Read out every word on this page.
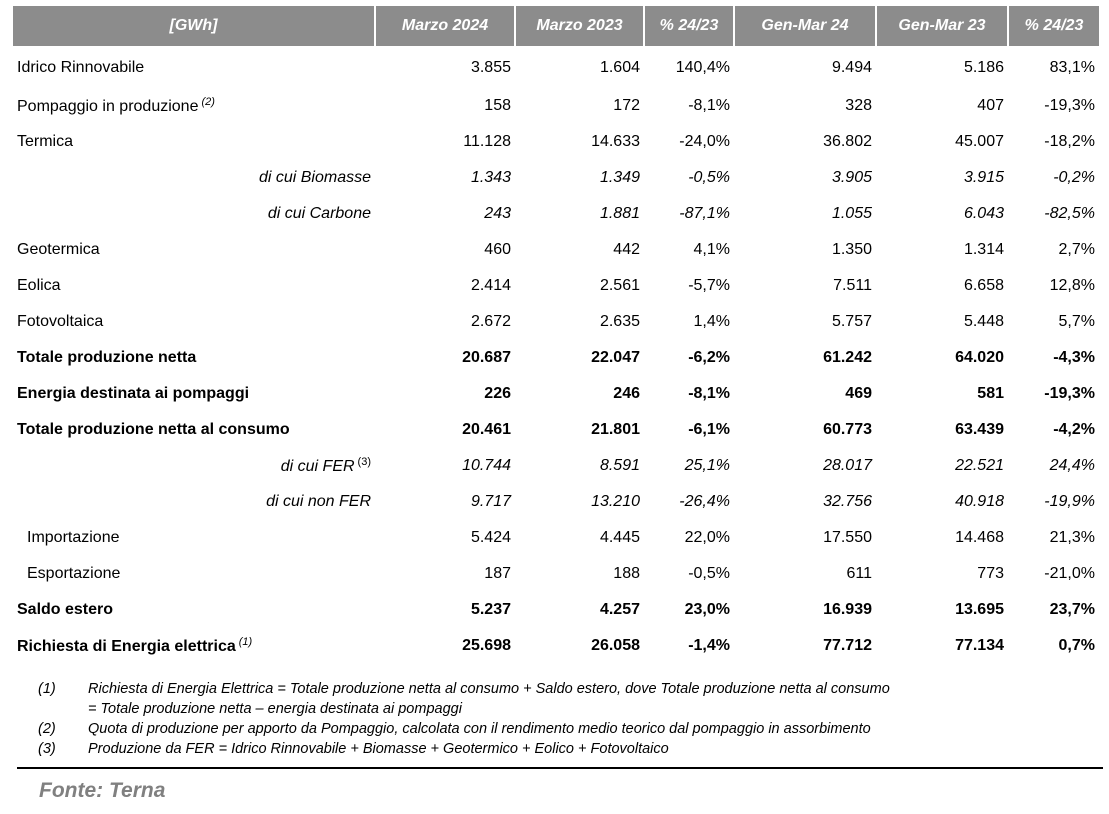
[GWh]	Marzo 2024	Marzo 2023	% 24/23	Gen-Mar 24	Gen-Mar 23	% 24/23
Idrico Rinnovabile	3.855	1.604	140,4%	9.494	5.186	83,1%
Pompaggio in produzione $^{(2)}$	158	172	-8,1%	328	407	-19,3%
Termica	11.128	14.633	-24,0%	36.802	45.007	-18,2%
di cui Biomasse	1.343	1.349	-0,5%	3.905	3.915	-0,2%
di cui Carbone	243	1.881	-87,1%	1.055	6.043	-82,5%
Geotermica	460	442	4,1%	1.350	1.314	2,7%
Eolica	2.414	2.561	-5,7%	7.511	6.658	12,8%
Fotovoltaica	2.672	2.635	1,4%	5.757	5.448	5,7%
Totale produzione netta	20.687	22.047	-6,2%	61.242	64.020	-4,3%
Energia destinata ai pompaggi	226	246	-8,1%	469	581	-19,3%
Totale produzione netta al consumo	20.461	21.801	-6,1%	60.773	63.439	-4,2%
di cui FER $^{(3)}$	10.744	8.591	25,1%	28.017	22.521	24,4%
di cui non FER	9.717	13.210	-26,4%	32.756	40.918	-19,9%
Importazione	5.424	4.445	22,0%	17.550	14.468	21,3%
Esportazione	187	188	-0,5%	611	773	-21,0%
Saldo estero	5.237	4.257	23,0%	16.939	13.695	23,7%
Richiesta di Energia elettrica $^{(1)}$	25.698	26.058	-1,4%	77.712	77.134	0,7%
(1)	Richiesta di Energia Elettrica = Totale produzione netta al consumo + Saldo estero, dove Totale produzione netta al consumo
= Totale produzione netta – energia destinata ai pompaggi
(2)	Quota di produzione per apporto da Pompaggio, calcolata con il rendimento medio teorico dal pompaggio in assorbimento
(3)	Produzione da FER = Idrico Rinnovabile + Biomasse + Geotermico + Eolico + Fotovoltaico
Fonte: Terna
